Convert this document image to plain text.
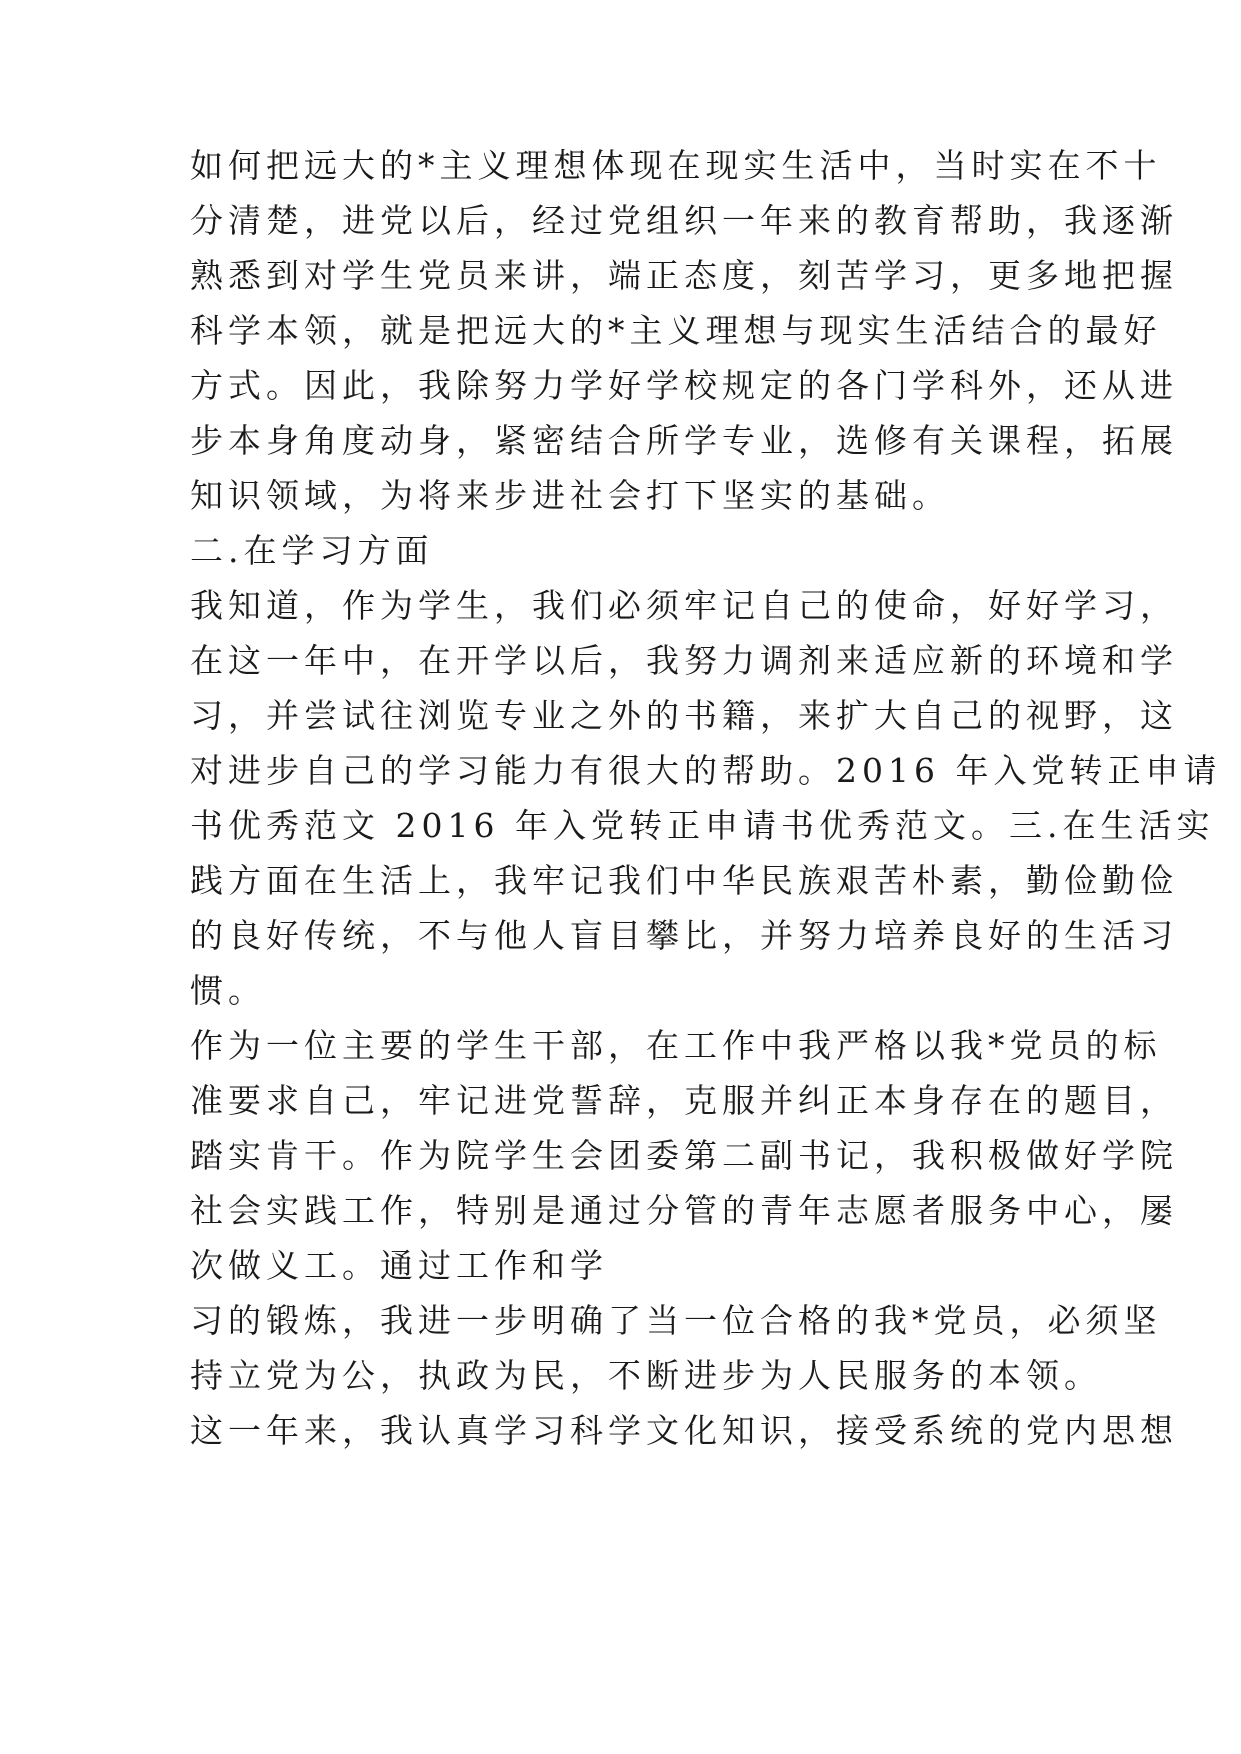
如何把远大的*主义理想体现在现实生活中，当时实在不十
分清楚，进党以后，经过党组织一年来的教育帮助，我逐渐
熟悉到对学生党员来讲，端正态度，刻苦学习，更多地把握
科学本领，就是把远大的*主义理想与现实生活结合的最好
方式。因此，我除努力学好学校规定的各门学科外，还从进
步本身角度动身，紧密结合所学专业，选修有关课程，拓展
知识领域，为将来步进社会打下坚实的基础。
二.在学习方面
我知道，作为学生，我们必须牢记自己的使命，好好学习，
在这一年中，在开学以后，我努力调剂来适应新的环境和学
习，并尝试往浏览专业之外的书籍，来扩大自己的视野，这
对进步自己的学习能力有很大的帮助。2016 年入党转正申请
书优秀范文 2016 年入党转正申请书优秀范文。三.在生活实
践方面在生活上，我牢记我们中华民族艰苦朴素，勤俭勤俭
的良好传统，不与他人盲目攀比，并努力培养良好的生活习
惯。
作为一位主要的学生干部，在工作中我严格以我*党员的标
准要求自己，牢记进党誓辞，克服并纠正本身存在的题目，
踏实肯干。作为院学生会团委第二副书记，我积极做好学院
社会实践工作，特别是通过分管的青年志愿者服务中心，屡
次做义工。通过工作和学
习的锻炼，我进一步明确了当一位合格的我*党员，必须坚
持立党为公，执政为民，不断进步为人民服务的本领。
这一年来，我认真学习科学文化知识，接受系统的党内思想
